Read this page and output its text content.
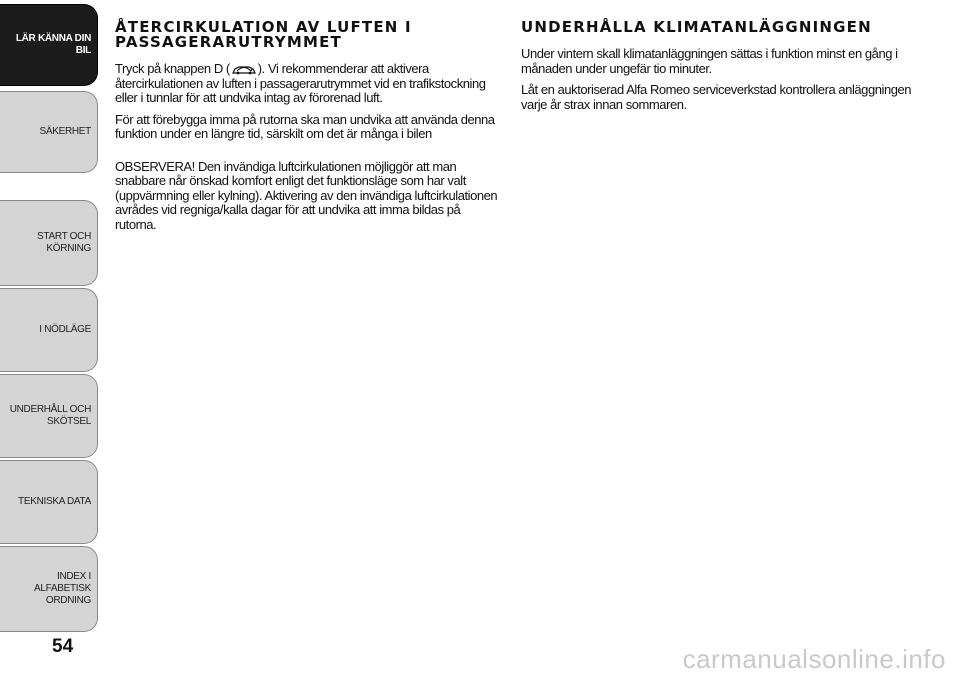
LÄR KÄNNA DIN BIL
SÄKERHET
START OCH KÖRNING
I NÖDLÄGE
UNDERHÅLL OCH SKÖTSEL
TEKNISKA DATA
INDEX I ALFABETISK ORDNING
54
ÅTERCIRKULATION AV LUFTEN I PASSAGERARUTRYMMET

Tryck på knappen D ( ). Vi rekommenderar att aktivera återcirkulationen av luften i passagerarutrymmet vid en trafikstockning eller i tunnlar för att undvika intag av förorenad luft.

För att förebygga imma på rutorna ska man undvika att använda denna funktion under en längre tid, särskilt om det är många i bilen

OBSERVERA! Den invändiga luftcirkulationen möjliggör att man snabbare når önskad komfort enligt det funktionsläge som har valt (uppvärmning eller kylning). Aktivering av den invändiga luftcirkulationen avrådes vid regniga/kalla dagar för att undvika att imma bildas på rutorna.

UNDERHÅLLA KLIMATANLÄGGNINGEN

Under vintern skall klimatanläggningen sättas i funktion minst en gång i månaden under ungefär tio minuter.

Låt en auktoriserad Alfa Romeo serviceverkstad kontrollera anläggningen varje år strax innan sommaren.

carmanualsonline.info
